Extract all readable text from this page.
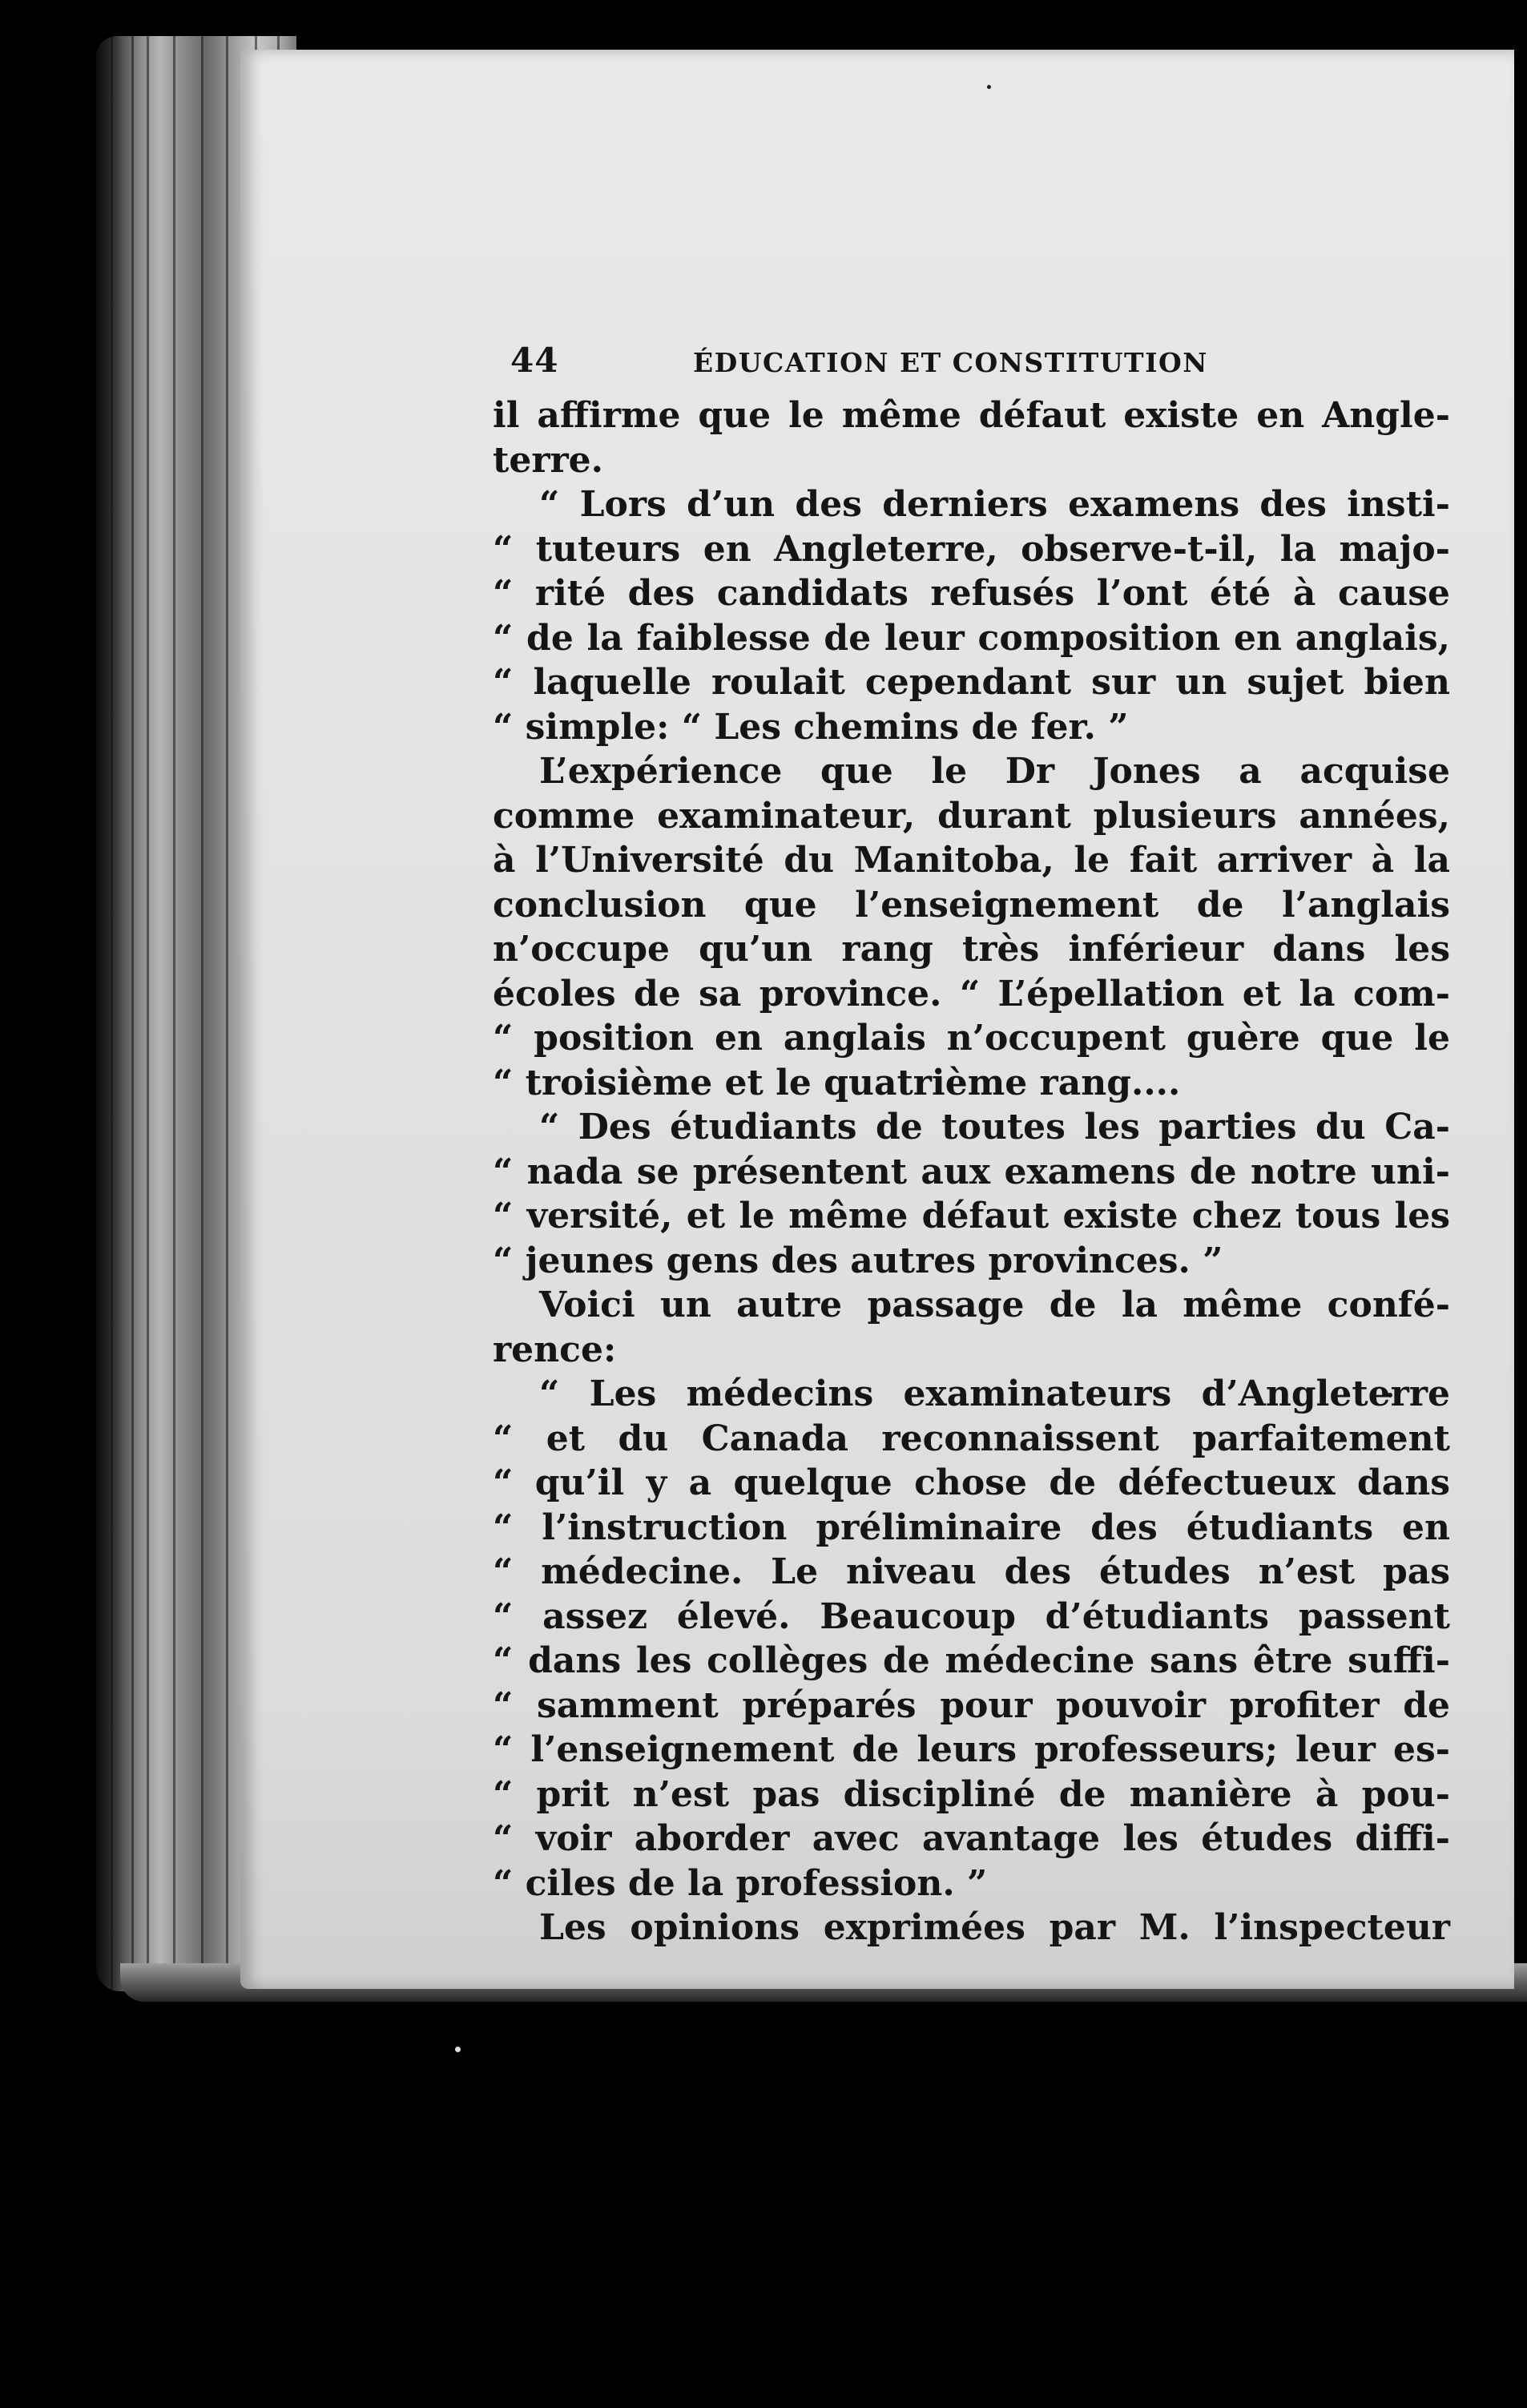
44	ÉDUCATION ET CONSTITUTION
il affirme que le même défaut existe en Angle-
terre.
“ Lors d’un des derniers examens des insti-
“ tuteurs en Angleterre, observe-t-il, la majo-
“ rité des candidats refusés l’ont été à cause
“ de la faiblesse de leur composition en anglais,
“ laquelle roulait cependant sur un sujet bien
“ simple: “ Les chemins de fer. ”
L’expérience que le Dr Jones a acquise
comme examinateur, durant plusieurs années,
à l’Université du Manitoba, le fait arriver à la
conclusion que l’enseignement de l’anglais
n’occupe qu’un rang très inférieur dans les
écoles de sa province. “ L’épellation et la com-
“ position en anglais n’occupent guère que le
“ troisième et le quatrième rang....
“ Des étudiants de toutes les parties du Ca-
“ nada se présentent aux examens de notre uni-
“ versité, et le même défaut existe chez tous les
“ jeunes gens des autres provinces. ”
Voici un autre passage de la même confé-
rence:
“ Les médecins examinateurs d’Angleterre
“ et du Canada reconnaissent parfaitement
“ qu’il y a quelque chose de défectueux dans
“ l’instruction préliminaire des étudiants en
“ médecine. Le niveau des études n’est pas
“ assez élevé. Beaucoup d’étudiants passent
“ dans les collèges de médecine sans être suffi-
“ samment préparés pour pouvoir profiter de
“ l’enseignement de leurs professeurs; leur es-
“ prit n’est pas discipliné de manière à pou-
“ voir aborder avec avantage les études diffi-
“ ciles de la profession. ”
Les opinions exprimées par M. l’inspecteur
